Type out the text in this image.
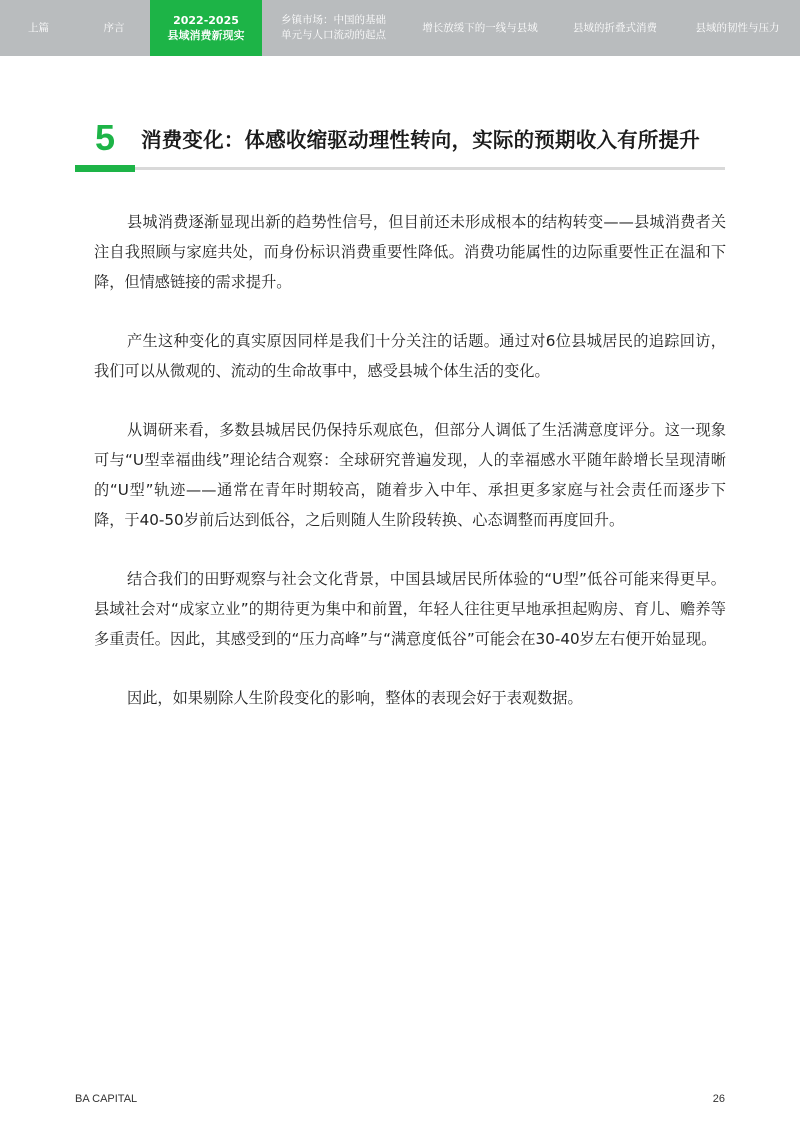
上篇	序言
2022-2025
县域消费新现实
乡镇市场：中国的基础
单元与人口流动的起点
增长放缓下的一线与县域	县域的折叠式消费	县域的韧性与压力
5	消费变化：体感收缩驱动理性转向，实际的预期收入有所提升

县城消费逐渐显现出新的趋势性信号，但目前还未形成根本的结构转变——县城消费者关注自我照顾与家庭共处，而身份标识消费重要性降低。消费功能属性的边际重要性正在温和下降，但情感链接的需求提升。

产生这种变化的真实原因同样是我们十分关注的话题。通过对6位县城居民的追踪回访，我们可以从微观的、流动的生命故事中，感受县城个体生活的变化。

从调研来看，多数县城居民仍保持乐观底色，但部分人调低了生活满意度评分。这一现象可与“U型幸福曲线”理论结合观察：全球研究普遍发现，人的幸福感水平随年龄增长呈现清晰的“U型”轨迹——通常在青年时期较高，随着步入中年、承担更多家庭与社会责任而逐步下降，于40-50岁前后达到低谷，之后则随人生阶段转换、心态调整而再度回升。

结合我们的田野观察与社会文化背景，中国县域居民所体验的“U型”低谷可能来得更早。县域社会对“成家立业”的期待更为集中和前置，年轻人往往更早地承担起购房、育儿、赡养等多重责任。因此，其感受到的“压力高峰”与“满意度低谷”可能会在30-40岁左右便开始显现。

因此，如果剔除人生阶段变化的影响，整体的表现会好于表观数据。

BA CAPITAL	26
